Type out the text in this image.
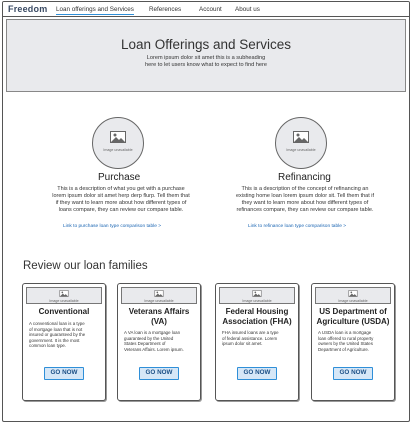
Freedom Loan offerings and Services References	Account About us
Loan Offerings and Services
Lorem ipsum dolor sit amet this is a subheading
here to let users know what to expect to find here
Image unavailable
Purchase
This is a description of what you get with a purchase
lorem ipsum dolor sit amet herp derp flurp. Tell them that
if they want to learn more about how different types of
loans compare, they can review our compare table.
Link to purchase loan type comparison table >
Image unavailable
Refinancing
This is a description of the concept of refinancing an
existing home loan lorem ipsum dolor sit. Tell them that if
they want to learn more about how different types of
refinances compare, they can review our compare table.
Link to refinance loan type comparison table >
Review our loan families
Image unavailable
Conventional
A conventional loan is a type
of mortgage loan that is not
insured or guaranteed by the
government. It is the most
common loan type.
GO NOW
Image unavailable
Veterans Affairs
(VA)
A VA loan is a mortgage loan
guaranteed by the United
States Department of
Veterans Affairs. Lorem ipsum.
GO NOW
Image unavailable
Federal Housing
Association (FHA)
FHA insured loans are a type
of federal assistance. Lorem
ipsum dolor sit amet.
GO NOW
Image unavailable
US Department of
Agriculture (USDA)
A USDA loan is a mortgage
loan offered to rural property
owners by the United States
Department of Agriculture.
GO NOW
